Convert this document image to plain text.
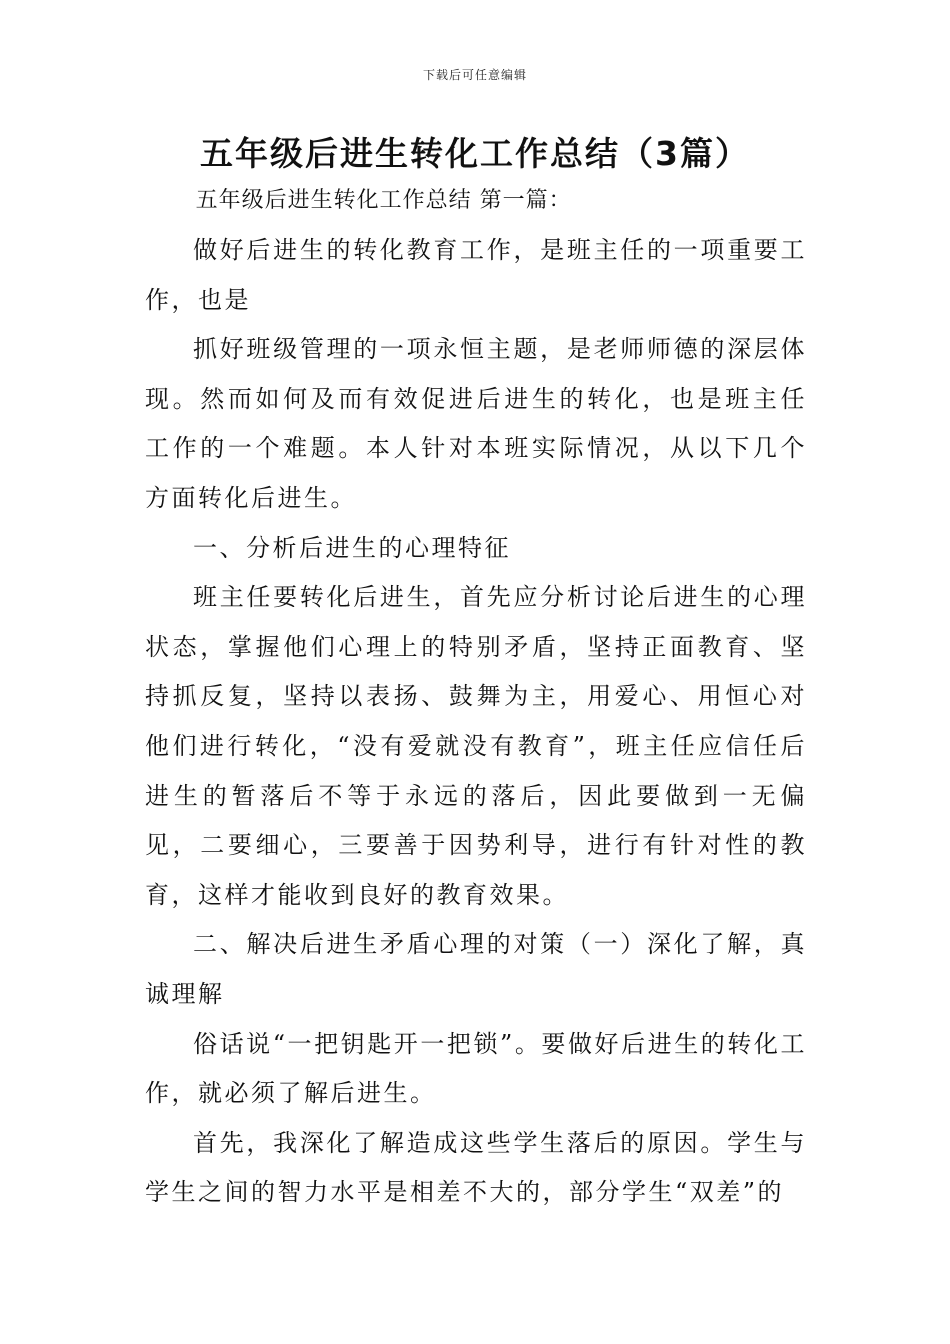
下载后可任意编辑
五年级后进生转化工作总结（3篇）

五年级后进生转化工作总结 第一篇：

做好后进生的转化教育工作，是班主任的一项重要工作，也是

抓好班级管理的一项永恒主题，是老师师德的深层体现。然而如何及而有效促进后进生的转化，也是班主任工作的一个难题。本人针对本班实际情况，从以下几个方面转化后进生。

一、分析后进生的心理特征

班主任要转化后进生，首先应分析讨论后进生的心理状态，掌握他们心理上的特别矛盾，坚持正面教育、坚持抓反复，坚持以表扬、鼓舞为主，用爱心、用恒心对他们进行转化，“没有爱就没有教育”，班主任应信任后进生的暂落后不等于永远的落后，因此要做到一无偏见，二要细心，三要善于因势利导，进行有针对性的教育，这样才能收到良好的教育效果。

二、解决后进生矛盾心理的对策（一）深化了解，真诚理解

俗话说“一把钥匙开一把锁”。要做好后进生的转化工作，就必须了解后进生。

首先，我深化了解造成这些学生落后的原因。学生与学生之间的智力水平是相差不大的，部分学生“双差”的
